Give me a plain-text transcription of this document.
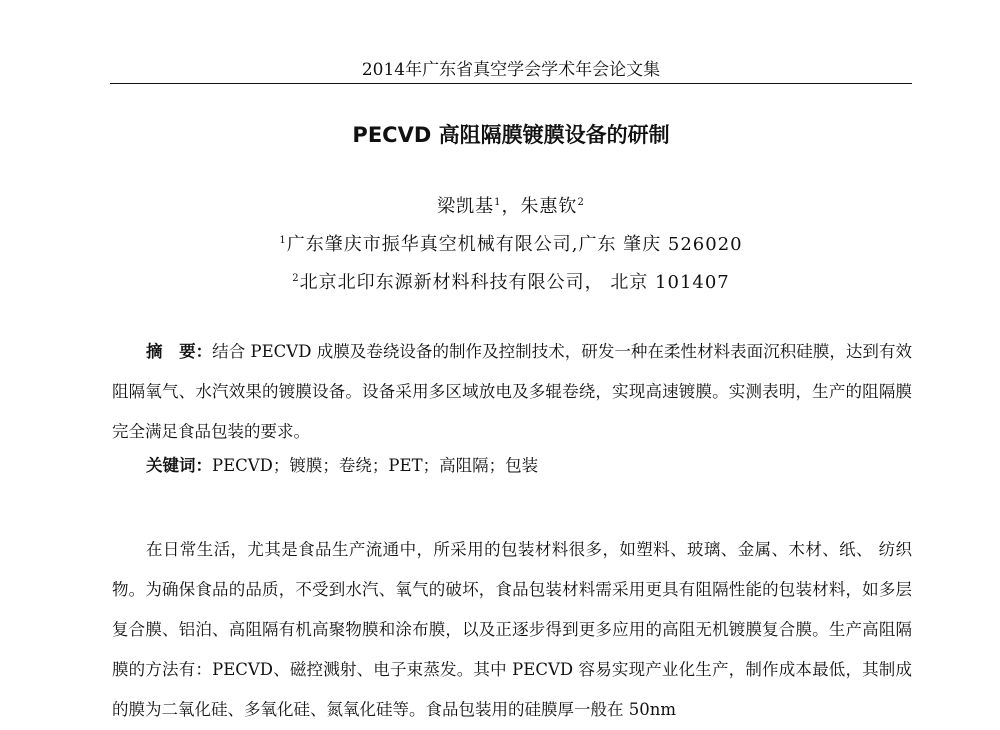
2014年广东省真空学会学术年会论文集
PECVD 高阻隔膜镀膜设备的研制
梁凯基$^1$，朱惠钦$^2$
$^1$广东肇庆市振华真空机械有限公司,广东 肇庆 526020
$^2$北京北印东源新材料科技有限公司， 北京 101407
摘　要：结合 PECVD 成膜及卷绕设备的制作及控制技术，研发一种在柔性材料表面沉积硅膜，达到有效阻隔氧气、水汽效果的镀膜设备。设备采用多区域放电及多辊卷绕，实现高速镀膜。实测表明，生产的阻隔膜完全满足食品包装的要求。
关键词：PECVD；镀膜；卷绕；PET；高阻隔；包装
在日常生活，尤其是食品生产流通中，所采用的包装材料很多，如塑料、玻璃、金属、木材、纸、 纺织物。为确保食品的品质，不受到水汽、氧气的破坏，食品包装材料需采用更具有阻隔性能的包装材料，如多层复合膜、铝泊、高阻隔有机高聚物膜和涂布膜，以及正逐步得到更多应用的高阻无机镀膜复合膜。生产高阻隔膜的方法有：PECVD、磁控溅射、电子束蒸发。其中 PECVD 容易实现产业化生产，制作成本最低，其制成的膜为二氧化硅、多氧化硅、氮氧化硅等。食品包装用的硅膜厚一般在 50nm
